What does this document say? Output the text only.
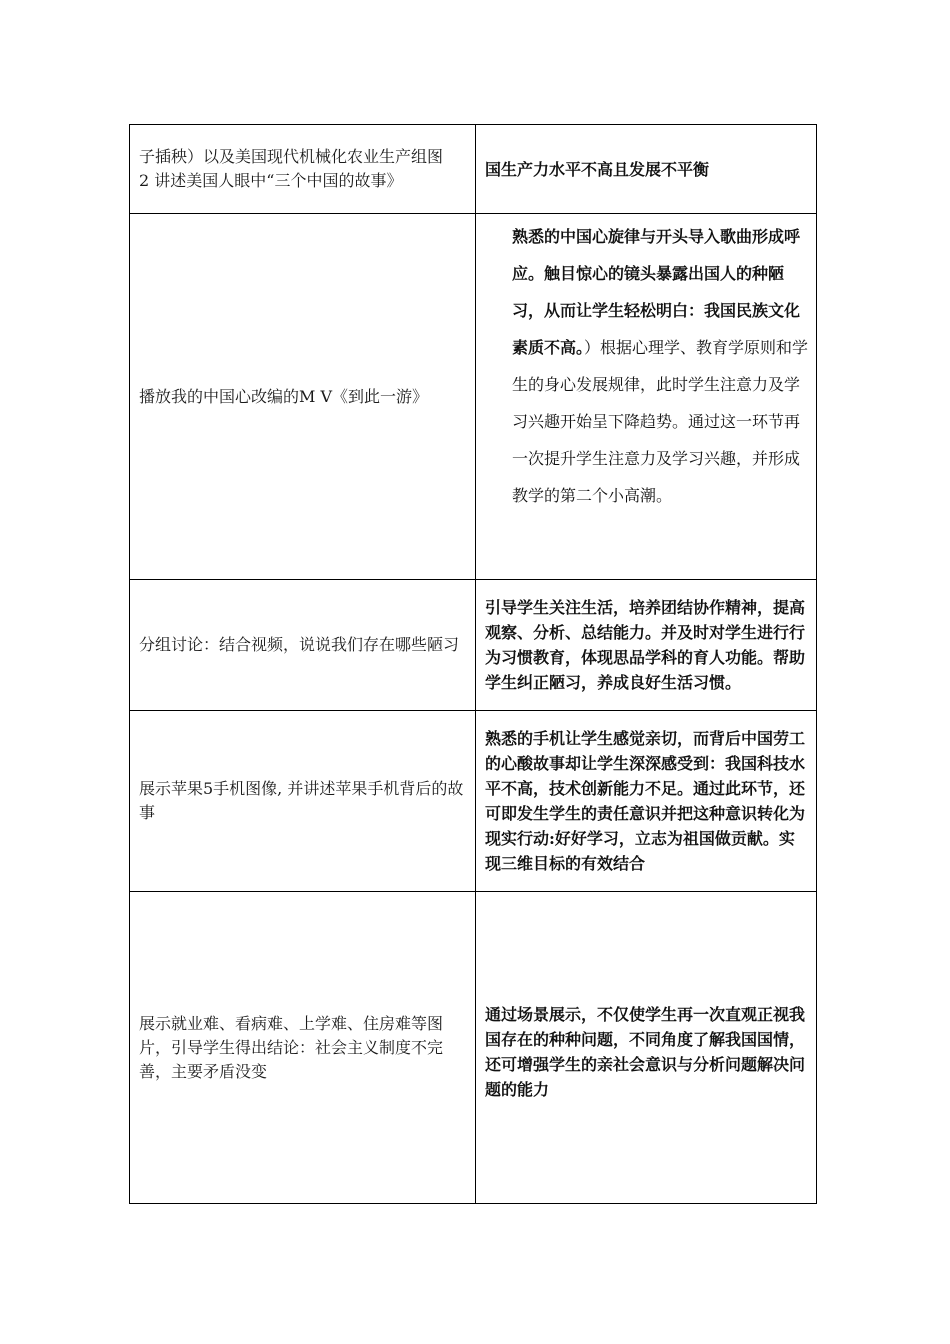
子插秧）以及美国现代机械化农业生产组图
2 讲述美国人眼中“三个中国的故事》	国生产力水平不高且发展不平衡
播放我的中国心改编的M V《到此一游》	熟悉的中国心旋律与开头导入歌曲形成呼应。触目惊心的镜头暴露出国人的种陋习，从而让学生轻松明白：我国民族文化素质不高。）根据心理学、教育学原则和学生的身心发展规律，此时学生注意力及学习兴趣开始呈下降趋势。通过这一环节再一次提升学生注意力及学习兴趣，并形成教学的第二个小高潮。
分组讨论：结合视频，说说我们存在哪些陋习	引导学生关注生活，培养团结协作精神，提高观察、分析、总结能力。并及时对学生进行行为习惯教育，体现思品学科的育人功能。帮助学生纠正陋习，养成良好生活习惯。
展示苹果5手机图像, 并讲述苹果手机背后的故事	熟悉的手机让学生感觉亲切，而背后中国劳工的心酸故事却让学生深深感受到：我国科技水平不高，技术创新能力不足。通过此环节，还可即发生学生的责任意识并把这种意识转化为现实行动:好好学习，立志为祖国做贡献。实现三维目标的有效结合
展示就业难、看病难、上学难、住房难等图片，引导学生得出结论：社会主义制度不完善，主要矛盾没变	通过场景展示，不仅使学生再一次直观正视我国存在的种种问题，不同角度了解我国国情，还可增强学生的亲社会意识与分析问题解决问题的能力
